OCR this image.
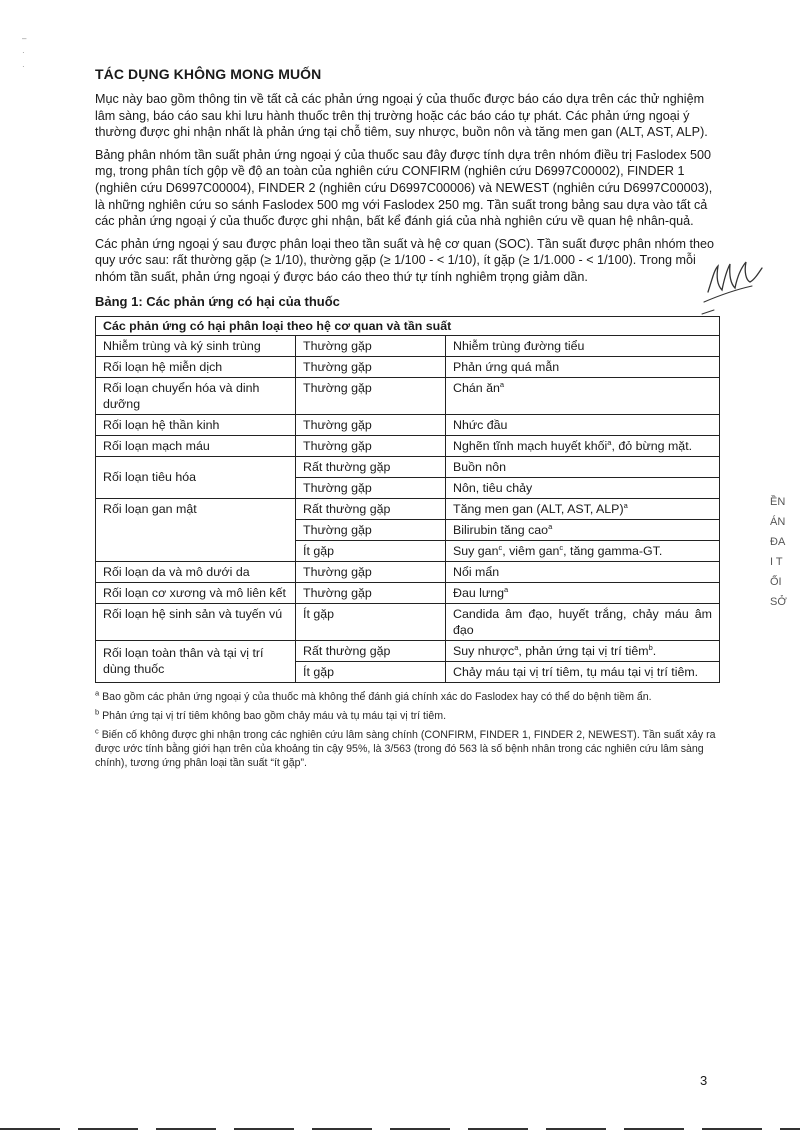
–
·
·	TÁC DỤNG KHÔNG MONG MUỐN

Mục này bao gồm thông tin về tất cả các phản ứng ngoại ý của thuốc được báo cáo dựa trên các thử nghiệm lâm sàng, báo cáo sau khi lưu hành thuốc trên thị trường hoặc các báo cáo tự phát. Các phản ứng ngoại ý thường được ghi nhận nhất là phản ứng tại chỗ tiêm, suy nhược, buồn nôn và tăng men gan (ALT, AST, ALP).

Bảng phân nhóm tần suất phản ứng ngoại ý của thuốc sau đây được tính dựa trên nhóm điều trị Faslodex 500 mg, trong phân tích gộp về độ an toàn của nghiên cứu CONFIRM (nghiên cứu D6997C00002), FINDER 1 (nghiên cứu D6997C00004), FINDER 2 (nghiên cứu D6997C00006) và NEWEST (nghiên cứu D6997C00003), là những nghiên cứu so sánh Faslodex 500 mg với Faslodex 250 mg. Tần suất trong bảng sau dựa vào tất cả các phản ứng ngoại ý của thuốc được ghi nhận, bất kể đánh giá của nhà nghiên cứu về quan hệ nhân-quả.

Các phản ứng ngoại ý sau được phân loại theo tần suất và hệ cơ quan (SOC). Tần suất được phân nhóm theo quy ước sau: rất thường gặp (≥ 1/10), thường gặp (≥ 1/100 - < 1/10), ít gặp (≥ 1/1.000 - < 1/100). Trong mỗi nhóm tần suất, phản ứng ngoại ý được báo cáo theo thứ tự tính nghiêm trọng giảm dần.

Bảng 1: Các phản ứng có hại của thuốc
Các phản ứng có hại phân loại theo hệ cơ quan và tần suất		
Nhiễm trùng và ký sinh trùng	Thường gặp	Nhiễm trùng đường tiểu
Rối loạn hệ miễn dịch	Thường gặp	Phản ứng quá mẫn
Rối loạn chuyển hóa và dinh dưỡng	Thường gặp	Chán $ăn^a$
Rối loạn hệ thần kinh	Thường gặp	Nhức đầu
Rối loạn mạch máu	Thường gặp	Nghẽn tĩnh mạch huyết khối$^a$, đỏ bừng mặt.
Rối loạn tiêu hóa	Rất thường gặp	Buồn nôn
	Thường gặp	Nôn, tiêu chảy
Rối loạn gan mật	Rất thường gặp	Tăng men gan (ALT, AST, ALP)$^a$
	Thường gặp	Bilirubin tăng cao$^a$
	Ít gặp	Suy gan$^c$, viêm gan$^c$, tăng gamma-GT.
Rối loạn da và mô dưới da	Thường gặp	Nổi mẩn
Rối loạn cơ xương và mô liên kết	Thường gặp	Đau lưng$^a$
Rối loạn hệ sinh sản và tuyến vú	Ít gặp	Candida âm đạo, huyết trắng, chảy máu âm đạo
Rối loạn toàn thân và tại vị trí dùng thuốc	Rất thường gặp	Suy nhược$^a$, phản ứng tại vị trí tiêm$^b$.
	Ít gặp	Chảy máu tại vị trí tiêm, tụ máu tại vị trí tiêm.

$^a$ Bao gồm các phản ứng ngoại ý của thuốc mà không thể đánh giá chính xác do Faslodex hay có thể do bệnh tiềm ẩn.

$^b$ Phản ứng tại vị trí tiêm không bao gồm chảy máu và tụ máu tại vị trí tiêm.

$^c$ Biến cố không được ghi nhận trong các nghiên cứu lâm sàng chính (CONFIRM, FINDER 1, FINDER 2, NEWEST). Tần suất xảy ra được ước tính bằng giới hạn trên của khoảng tin cậy 95%, là 3/563 (trong đó 563 là số bệnh nhân trong các nghiên cứu lâm sàng chính), tương ứng phân loại tần suất “ít gặp”.

ỀN
ÁN
ĐA
I T
ỐI
SỞ
3
